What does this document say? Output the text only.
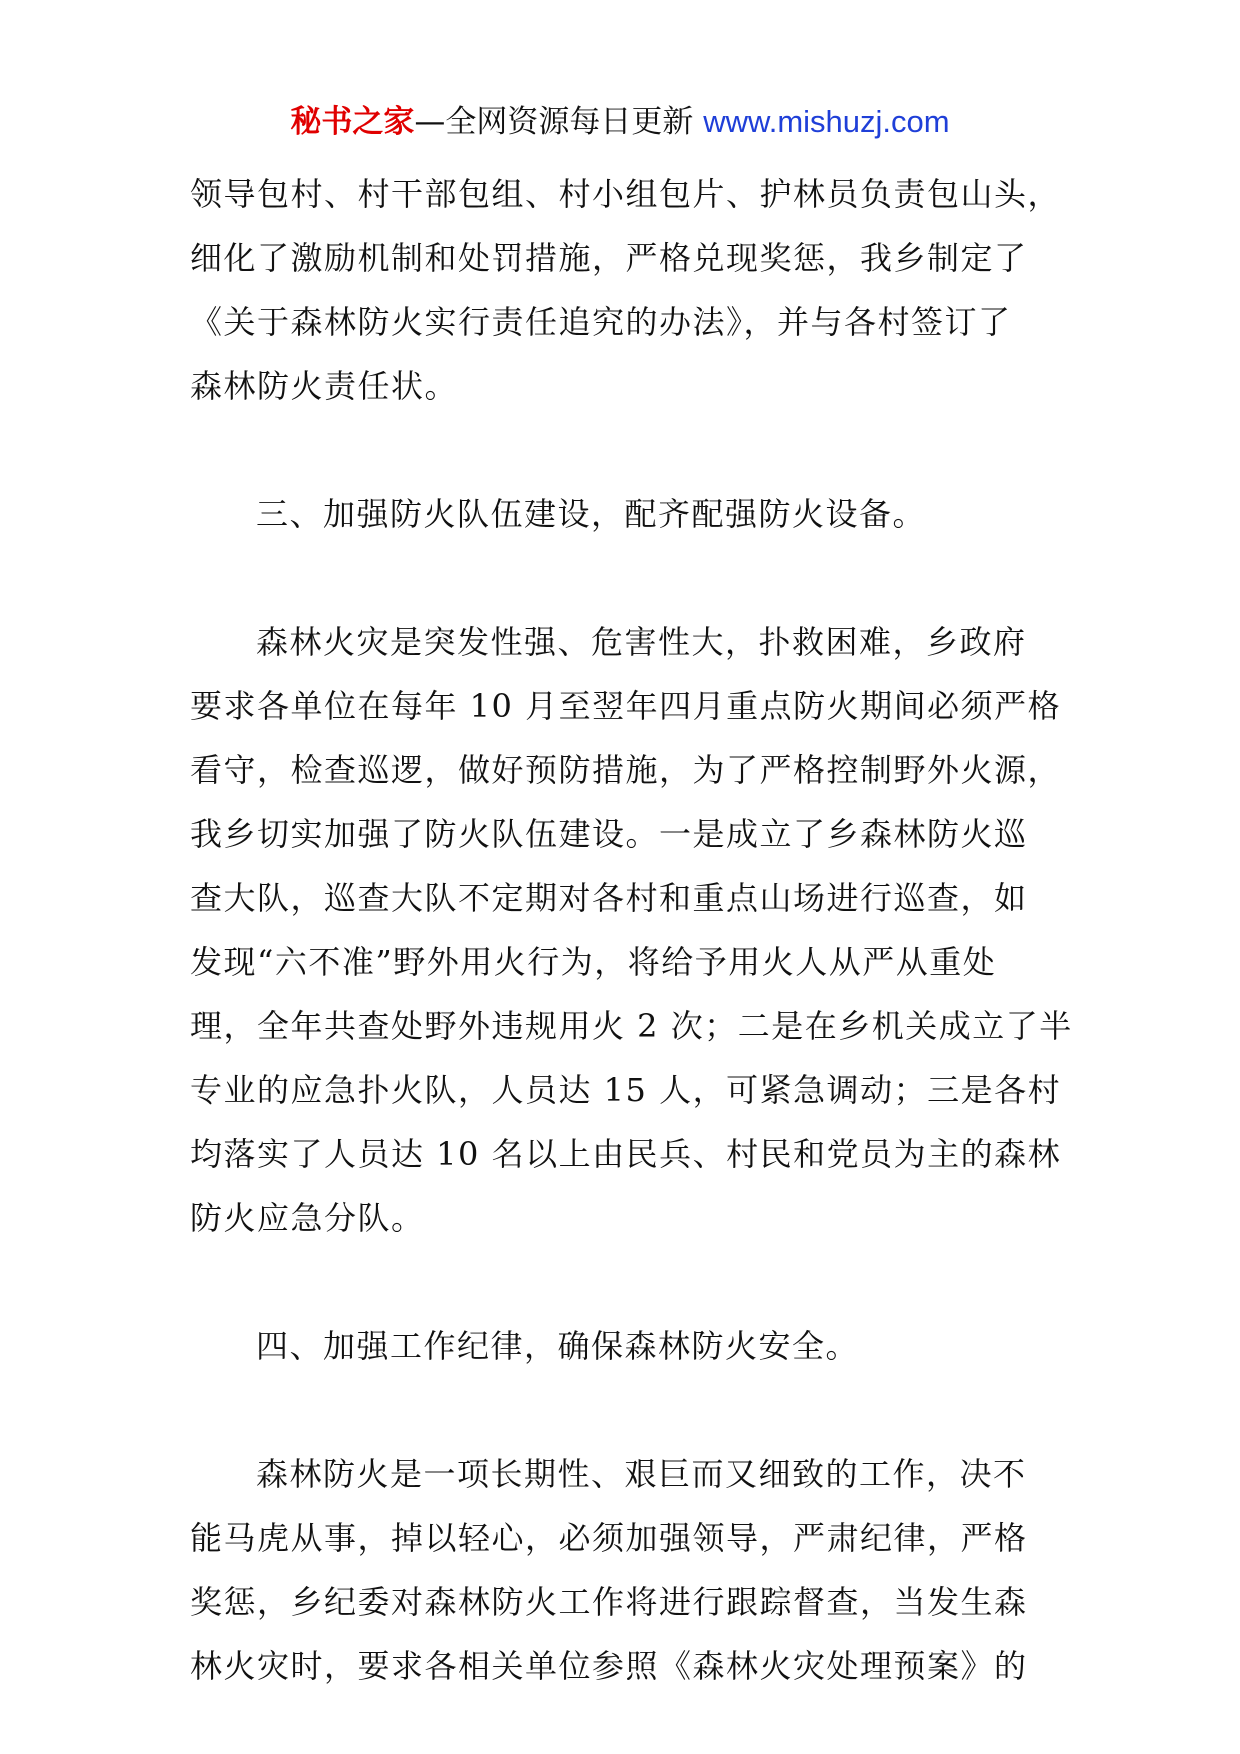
秘书之家—全网资源每日更新 www.mishuzj.com
领导包村、村干部包组、村小组包片、护林员负责包山头，
细化了激励机制和处罚措施，严格兑现奖惩，我乡制定了
《关于森林防火实行责任追究的办法》，并与各村签订了
森林防火责任状。
三、加强防火队伍建设，配齐配强防火设备。
森林火灾是突发性强、危害性大，扑救困难，乡政府
要求各单位在每年 10 月至翌年四月重点防火期间必须严格
看守，检查巡逻，做好预防措施，为了严格控制野外火源，
我乡切实加强了防火队伍建设。一是成立了乡森林防火巡
查大队，巡查大队不定期对各村和重点山场进行巡查，如
发现“六不准”野外用火行为，将给予用火人从严从重处
理，全年共查处野外违规用火 2 次；二是在乡机关成立了半
专业的应急扑火队，人员达 15 人，可紧急调动；三是各村
均落实了人员达 10 名以上由民兵、村民和党员为主的森林
防火应急分队。
四、加强工作纪律，确保森林防火安全。
森林防火是一项长期性、艰巨而又细致的工作，决不
能马虎从事，掉以轻心，必须加强领导，严肃纪律，严格
奖惩，乡纪委对森林防火工作将进行跟踪督查，当发生森
林火灾时，要求各相关单位参照《森林火灾处理预案》的
